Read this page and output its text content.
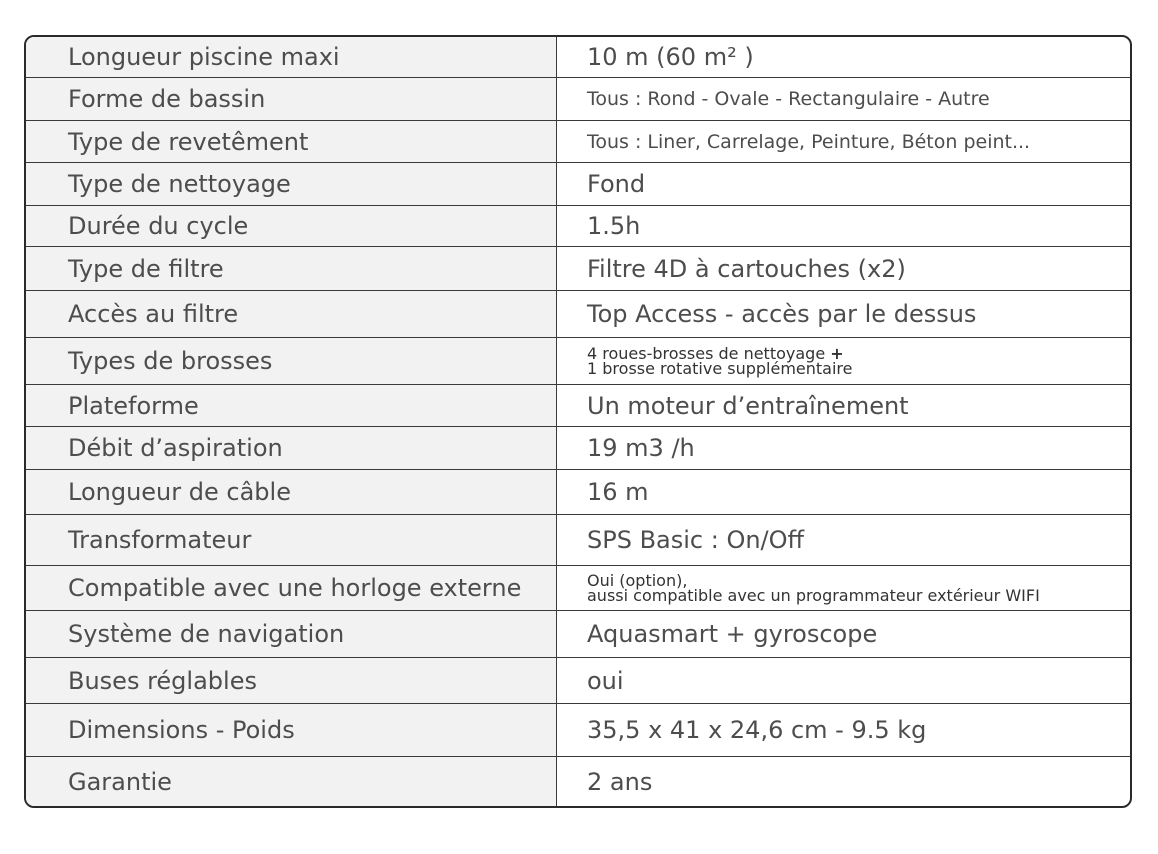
Longueur piscine maxi	10 m (60 m² )
Forme de bassin	Tous : Rond - Ovale - Rectangulaire - Autre
Type de revetêment	Tous : Liner, Carrelage, Peinture, Béton peint...
Type de nettoyage	Fond
Durée du cycle	1.5h
Type de filtre	Filtre 4D à cartouches (x2)
Accès au filtre	Top Access - accès par le dessus
Types de brosses	4 roues-brosses de nettoyage +
1 brosse rotative supplémentaire
Plateforme	Un moteur d’entraînement
Débit d’aspiration	19 m3 /h
Longueur de câble	16 m
Transformateur	SPS Basic : On/Off
Compatible avec une horloge externe	Oui (option),
aussi compatible avec un programmateur extérieur WIFI
Système de navigation	Aquasmart + gyroscope
Buses réglables	oui
Dimensions - Poids	35,5 x 41 x 24,6 cm - 9.5 kg
Garantie	2 ans
